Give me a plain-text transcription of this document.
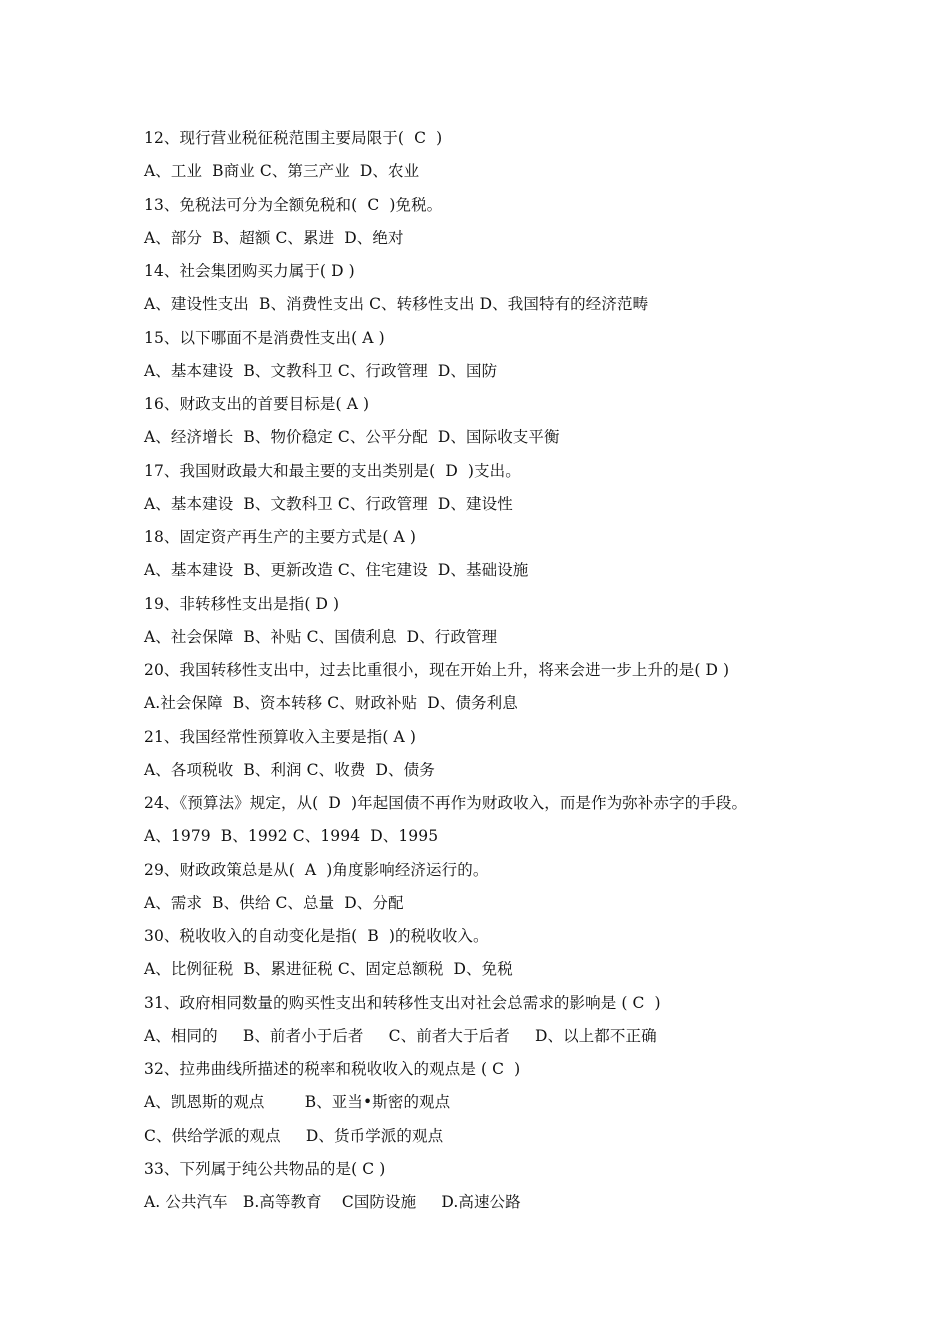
12、现行营业税征税范围主要局限于(  C  )
A、工业  B商业 C、第三产业  D、农业
13、免税法可分为全额免税和(  C  )免税。
A、部分  B、超额 C、累进  D、绝对
14、社会集团购买力属于( D )
A、建设性支出  B、消费性支出 C、转移性支出 D、我国特有的经济范畴
15、以下哪面不是消费性支出( A )
A、基本建设  B、文教科卫 C、行政管理  D、国防
16、财政支出的首要目标是( A )
A、经济增长  B、物价稳定 C、公平分配  D、国际收支平衡
17、我国财政最大和最主要的支出类别是(  D  )支出。
A、基本建设  B、文教科卫 C、行政管理  D、建设性
18、固定资产再生产的主要方式是( A )
A、基本建设  B、更新改造 C、住宅建设  D、基础设施
19、非转移性支出是指( D )
A、社会保障  B、补贴 C、国债利息  D、行政管理
20、我国转移性支出中，过去比重很小，现在开始上升，将来会进一步上升的是( D )
A.社会保障  B、资本转移 C、财政补贴  D、债务利息
21、我国经常性预算收入主要是指( A )
A、各项税收  B、利润 C、收费  D、债务
24、《预算法》规定，从(  D  )年起国债不再作为财政收入，而是作为弥补赤字的手段。
A、1979  B、1992 C、1994  D、1995
29、财政政策总是从(  A  )角度影响经济运行的。
A、需求  B、供给 C、总量  D、分配
30、税收收入的自动变化是指(  B  )的税收收入。
A、比例征税  B、累进征税 C、固定总额税  D、免税
31、政府相同数量的购买性支出和转移性支出对社会总需求的影响是 ( C  )
A、相同的     B、前者小于后者     C、前者大于后者     D、以上都不正确
32、拉弗曲线所描述的税率和税收收入的观点是 ( C  )
A、凯恩斯的观点        B、亚当•斯密的观点
C、供给学派的观点     D、货币学派的观点
33、下列属于纯公共物品的是( C )
A. 公共汽车   B.高等教育    C国防设施     D.高速公路
